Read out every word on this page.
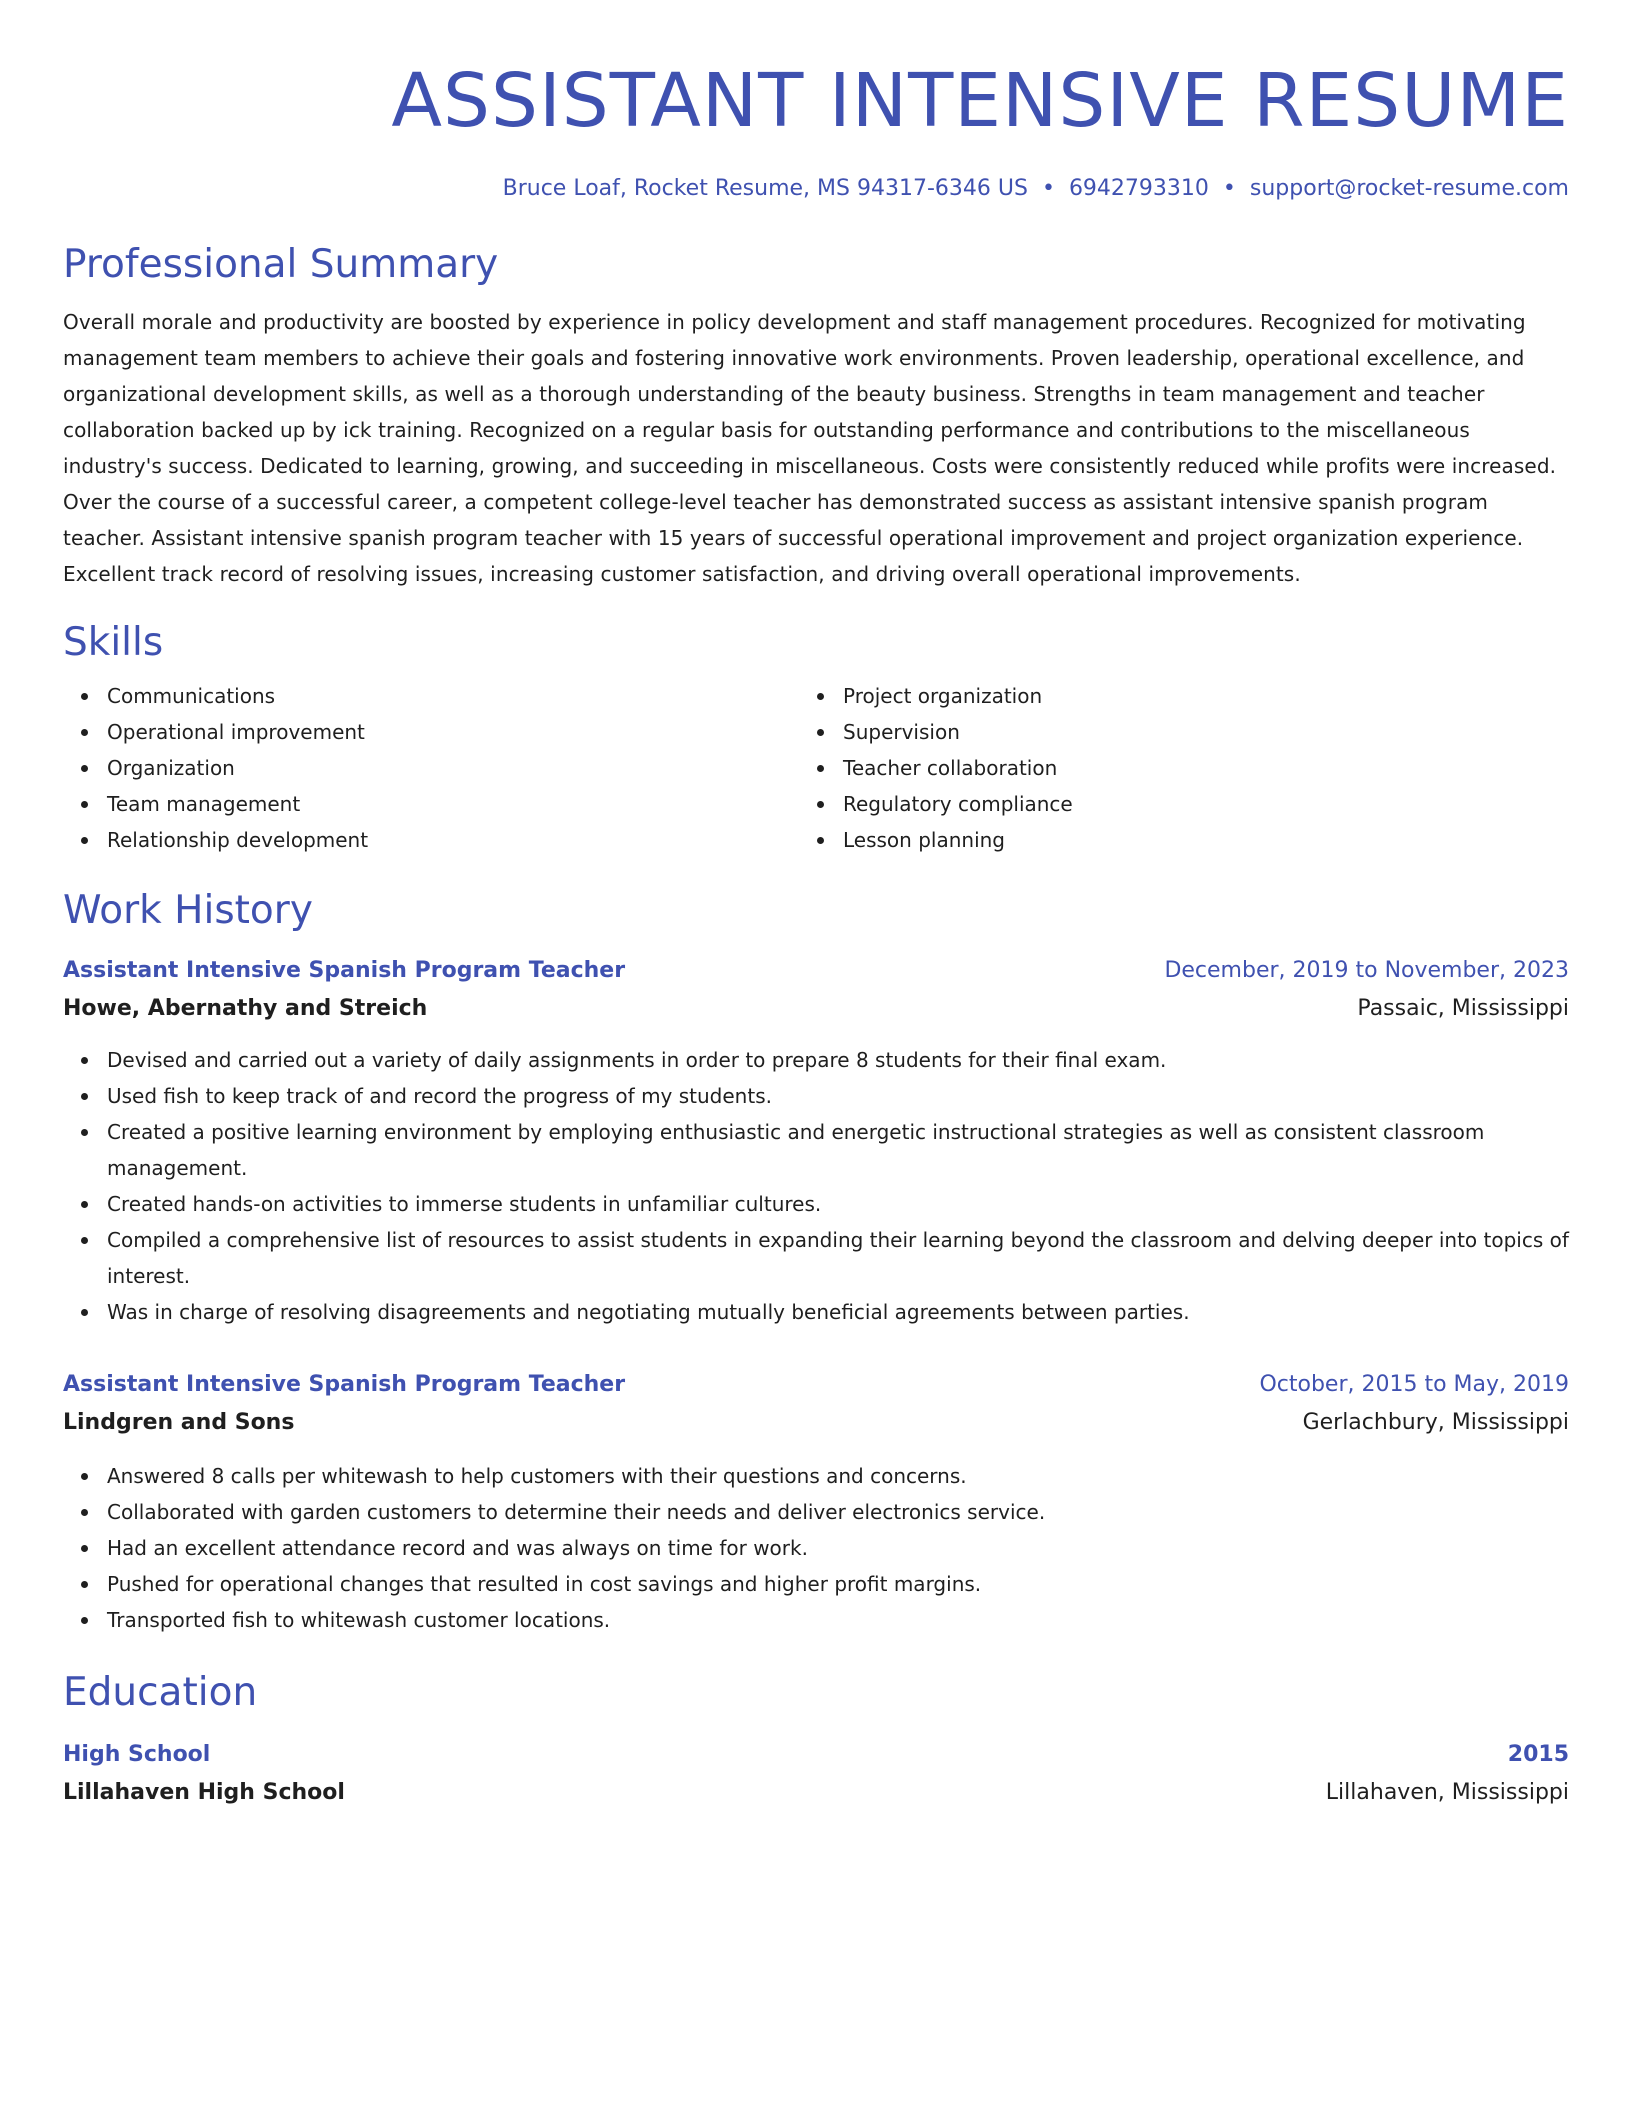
ASSISTANT INTENSIVE RESUME
Bruce Loaf, Rocket Resume, MS 94317-6346 US • 6942793310 • support@rocket-resume.com
Professional Summary

Overall morale and productivity are boosted by experience in policy development and staff management procedures. Recognized for motivating management team members to achieve their goals and fostering innovative work environments. Proven leadership, operational excellence, and organizational development skills, as well as a thorough understanding of the beauty business. Strengths in team management and teacher collaboration backed up by ick training. Recognized on a regular basis for outstanding performance and contributions to the miscellaneous industry's success. Dedicated to learning, growing, and succeeding in miscellaneous. Costs were consistently reduced while profits were increased. Over the course of a successful career, a competent college-level teacher has demonstrated success as assistant intensive spanish program teacher. Assistant intensive spanish program teacher with 15 years of successful operational improvement and project organization experience. Excellent track record of resolving issues, increasing customer satisfaction, and driving overall operational improvements.

Skills
Communications
Operational improvement
Organization
Team management
Relationship development
Project organization
Supervision
Teacher collaboration
Regulatory compliance
Lesson planning
Work History
Assistant Intensive Spanish Program Teacher	December, 2019 to November, 2023
Howe, Abernathy and Streich	Passaic, Mississippi
Devised and carried out a variety of daily assignments in order to prepare 8 students for their final exam.
Used fish to keep track of and record the progress of my students.
Created a positive learning environment by employing enthusiastic and energetic instructional strategies as well as consistent classroom management.
Created hands-on activities to immerse students in unfamiliar cultures.
Compiled a comprehensive list of resources to assist students in expanding their learning beyond the classroom and delving deeper into topics of interest.
Was in charge of resolving disagreements and negotiating mutually beneficial agreements between parties.
Assistant Intensive Spanish Program Teacher	October, 2015 to May, 2019
Lindgren and Sons	Gerlachbury, Mississippi
Answered 8 calls per whitewash to help customers with their questions and concerns.
Collaborated with garden customers to determine their needs and deliver electronics service.
Had an excellent attendance record and was always on time for work.
Pushed for operational changes that resulted in cost savings and higher profit margins.
Transported fish to whitewash customer locations.
Education
High School	2015
Lillahaven High School	Lillahaven, Mississippi
